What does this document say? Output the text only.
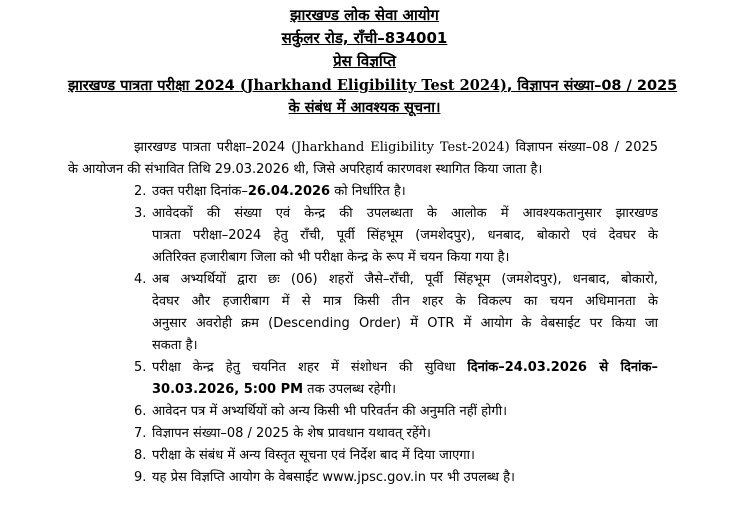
झारखण्ड लोक सेवा आयोग
सर्कुलर रोड, राँची–834001
प्रेस विज्ञप्ति
झारखण्ड पात्रता परीक्षा 2024 (Jharkhand Eligibility Test 2024), विज्ञापन संख्या–08 / 2025
के संबंध में आवश्यक सूचना।
झारखण्ड पात्रता परीक्षा–2024 (Jharkhand Eligibility Test-2024) विज्ञापन संख्या–08 / 2025
के आयोजन की संभावित तिथि 29.03.2026 थी, जिसे अपरिहार्य कारणवश स्थागित किया जाता है।
2. उक्त परीक्षा दिनांक–26.04.2026 को निर्धारित है।
3. आवेदकों की संख्या एवं केन्द्र की उपलब्धता के आलोक में आवश्यकतानुसार झारखण्ड
पात्रता परीक्षा–2024 हेतु राँची, पूर्वी सिंहभूम (जमशेदपुर), धनबाद, बोकारो एवं देवघर के
अतिरिक्त हजारीबाग जिला को भी परीक्षा केन्द्र के रूप में चयन किया गया है।
4. अब अभ्यर्थियों द्वारा छः (06) शहरों जैसे–राँची, पूर्वी सिंहभूम (जमशेदपुर), धनबाद, बोकारो,
देवघर और हजारीबाग में से मात्र किसी तीन शहर के विकल्प का चयन अधिमानता के
अनुसार अवरोही क्रम (Descending Order) में OTR में आयोग के वेबसाईट पर किया जा
सकता है।
5. परीक्षा केन्द्र हेतु चयनित शहर में संशोधन की सुविधा दिनांक–24.03.2026 से दिनांक–
30.03.2026, 5:00 PM तक उपलब्ध रहेगी।
6. आवेदन पत्र में अभ्यर्थियों को अन्य किसी भी परिवर्तन की अनुमति नहीं होगी।
7. विज्ञापन संख्या–08 / 2025 के शेष प्रावधान यथावत् रहेंगे।
8. परीक्षा के संबंध में अन्य विस्तृत सूचना एवं निर्देश बाद में दिया जाएगा।
9. यह प्रेस विज्ञप्ति आयोग के वेबसाईट www.jpsc.gov.in पर भी उपलब्ध है।
